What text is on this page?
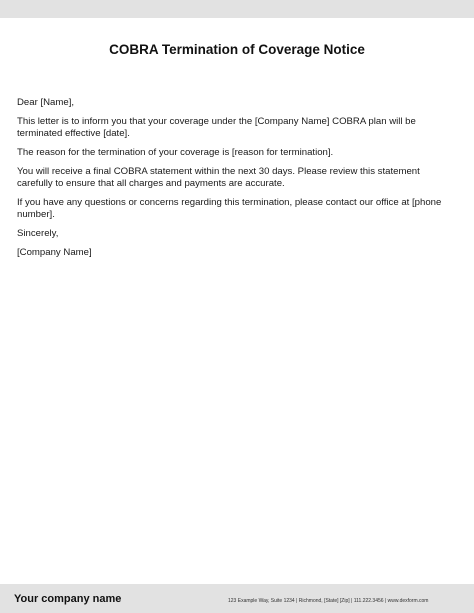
COBRA Termination of Coverage Notice

Dear [Name],

This letter is to inform you that your coverage under the [Company Name] COBRA plan will be terminated effective [date].

The reason for the termination of your coverage is [reason for termination].

You will receive a final COBRA statement within the next 30 days. Please review this statement carefully to ensure that all charges and payments are accurate.

If you have any questions or concerns regarding this termination, please contact our office at [phone number].

Sincerely,

[Company Name]

Your company name	123 Example Way, Suite 1234 | Richmond, [State] [Zip] | 111.222.3456 | www.dexform.com
